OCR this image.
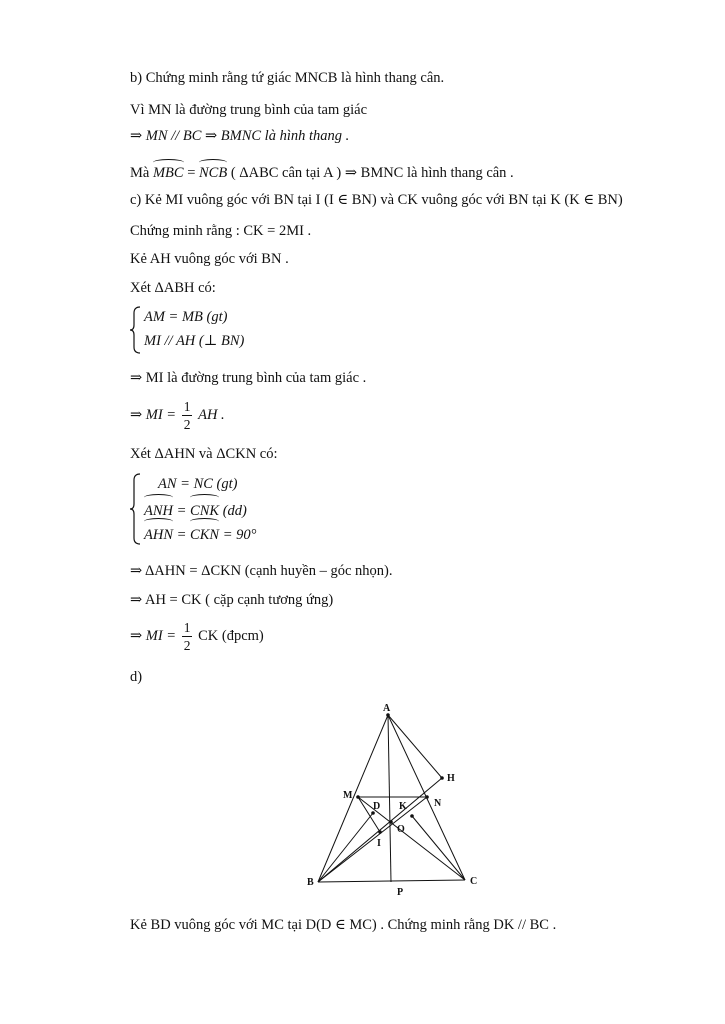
b) Chứng minh rằng tứ giác MNCB là hình thang cân.
Vì MN là đường trung bình của tam giác
⇒ MN // BC ⇒ BMNC là hình thang .
Mà MBC = NCB ( ΔABC cân tại A ) ⇒ BMNC là hình thang cân .
c) Kẻ MI vuông góc với BN tại I (I ∈ BN) và CK vuông góc với BN tại K (K ∈ BN)
Chứng minh rằng : CK = 2MI .
Kẻ AH vuông góc với BN .
Xét ΔABH có:
AM = MB (gt)
MI // AH (⊥ BN)
⇒ MI là đường trung bình của tam giác .
⇒ MI = $\frac{1}{2}$ AH .
Xét ΔAHN và ΔCKN có:
AN = NC (gt)
ANH = CNK (dd)
AHN = CKN = 90°
⇒ ΔAHN = ΔCKN (cạnh huyền – góc nhọn).
⇒ AH = CK ( cặp cạnh tương ứng)
⇒ MI = $\frac{1}{2}$ CK (đpcm)
d)
A
B	C
M
N
H
D K
O
I
P
Kẻ BD vuông góc với MC tại D(D ∈ MC) . Chứng minh rằng DK // BC .
